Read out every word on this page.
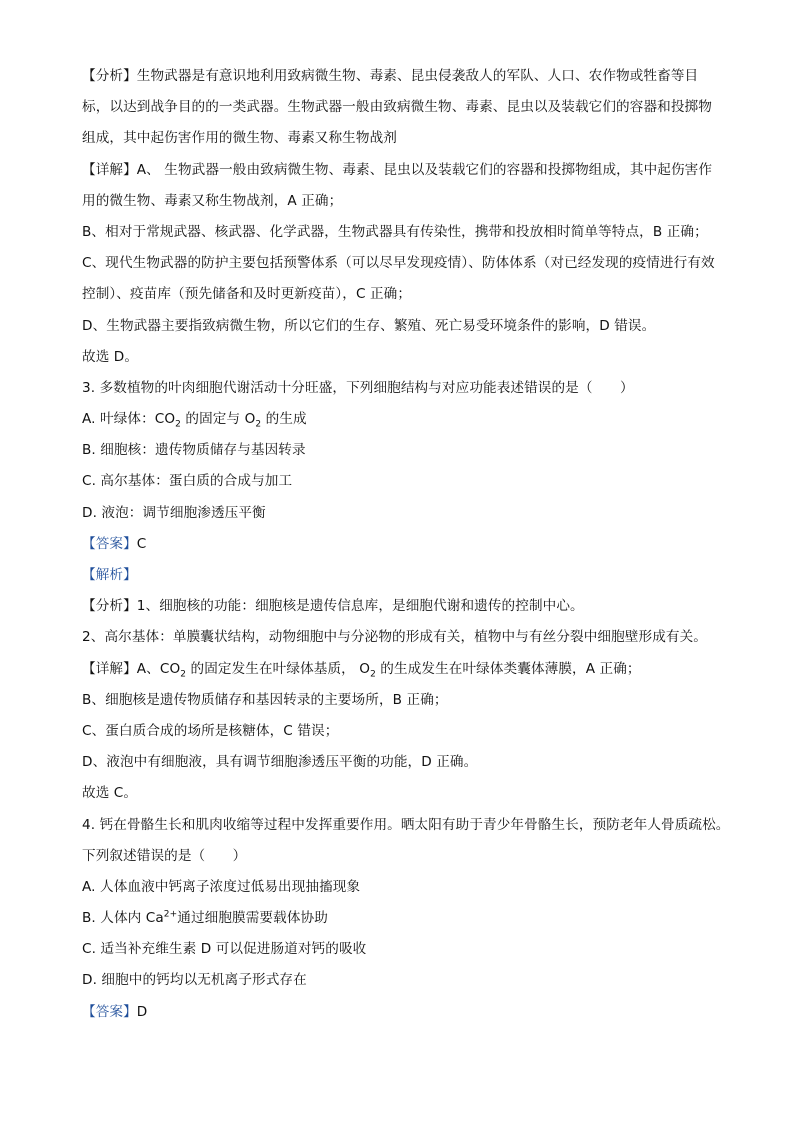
【分析】生物武器是有意识地利用致病微生物、毒素、昆虫侵袭敌人的军队、人口、农作物或牲畜等目
标，以达到战争目的的一类武器。生物武器一般由致病微生物、毒素、昆虫以及装载它们的容器和投掷物
组成，其中起伤害作用的微生物、毒素又称生物战剂
【详解】A、 生物武器一般由致病微生物、毒素、昆虫以及装载它们的容器和投掷物组成，其中起伤害作
用的微生物、毒素又称生物战剂，A 正确；
B、相对于常规武器、核武器、化学武器，生物武器具有传染性，携带和投放相时简单等特点，B 正确；
C、现代生物武器的防护主要包括预警体系（可以尽早发现疫情）、防体体系（对已经发现的疫情进行有效
控制）、疫苗库（预先储备和及时更新疫苗），C 正确；
D、生物武器主要指致病微生物，所以它们的生存、繁殖、死亡易受环境条件的影响，D 错误。
故选 D。
3. 多数植物的叶肉细胞代谢活动十分旺盛，下列细胞结构与对应功能表述错误的是（　　）
A. 叶绿体：$CO_2$ 的固定与 $O_2$ 的生成
B. 细胞核：遗传物质储存与基因转录
C. 高尔基体：蛋白质的合成与加工
D. 液泡：调节细胞渗透压平衡
【答案】C
【解析】
【分析】1、细胞核的功能：细胞核是遗传信息库，是细胞代谢和遗传的控制中心。
2、高尔基体：单膜囊状结构，动物细胞中与分泌物的形成有关，植物中与有丝分裂中细胞壁形成有关。
【详解】A、$CO_2$ 的固定发生在叶绿体基质， $O_2$ 的生成发生在叶绿体类囊体薄膜，A 正确；
B、细胞核是遗传物质储存和基因转录的主要场所，B 正确；
C、蛋白质合成的场所是核糖体，C 错误；
D、液泡中有细胞液，具有调节细胞渗透压平衡的功能，D 正确。
故选 C。
4. 钙在骨骼生长和肌肉收缩等过程中发挥重要作用。晒太阳有助于青少年骨骼生长，预防老年人骨质疏松。
下列叙述错误的是（　　）
A. 人体血液中钙离子浓度过低易出现抽搐现象
B. 人体内 $Ca^{2+}$通过细胞膜需要载体协助
C. 适当补充维生素 D 可以促进肠道对钙的吸收
D. 细胞中的钙均以无机离子形式存在
【答案】D
